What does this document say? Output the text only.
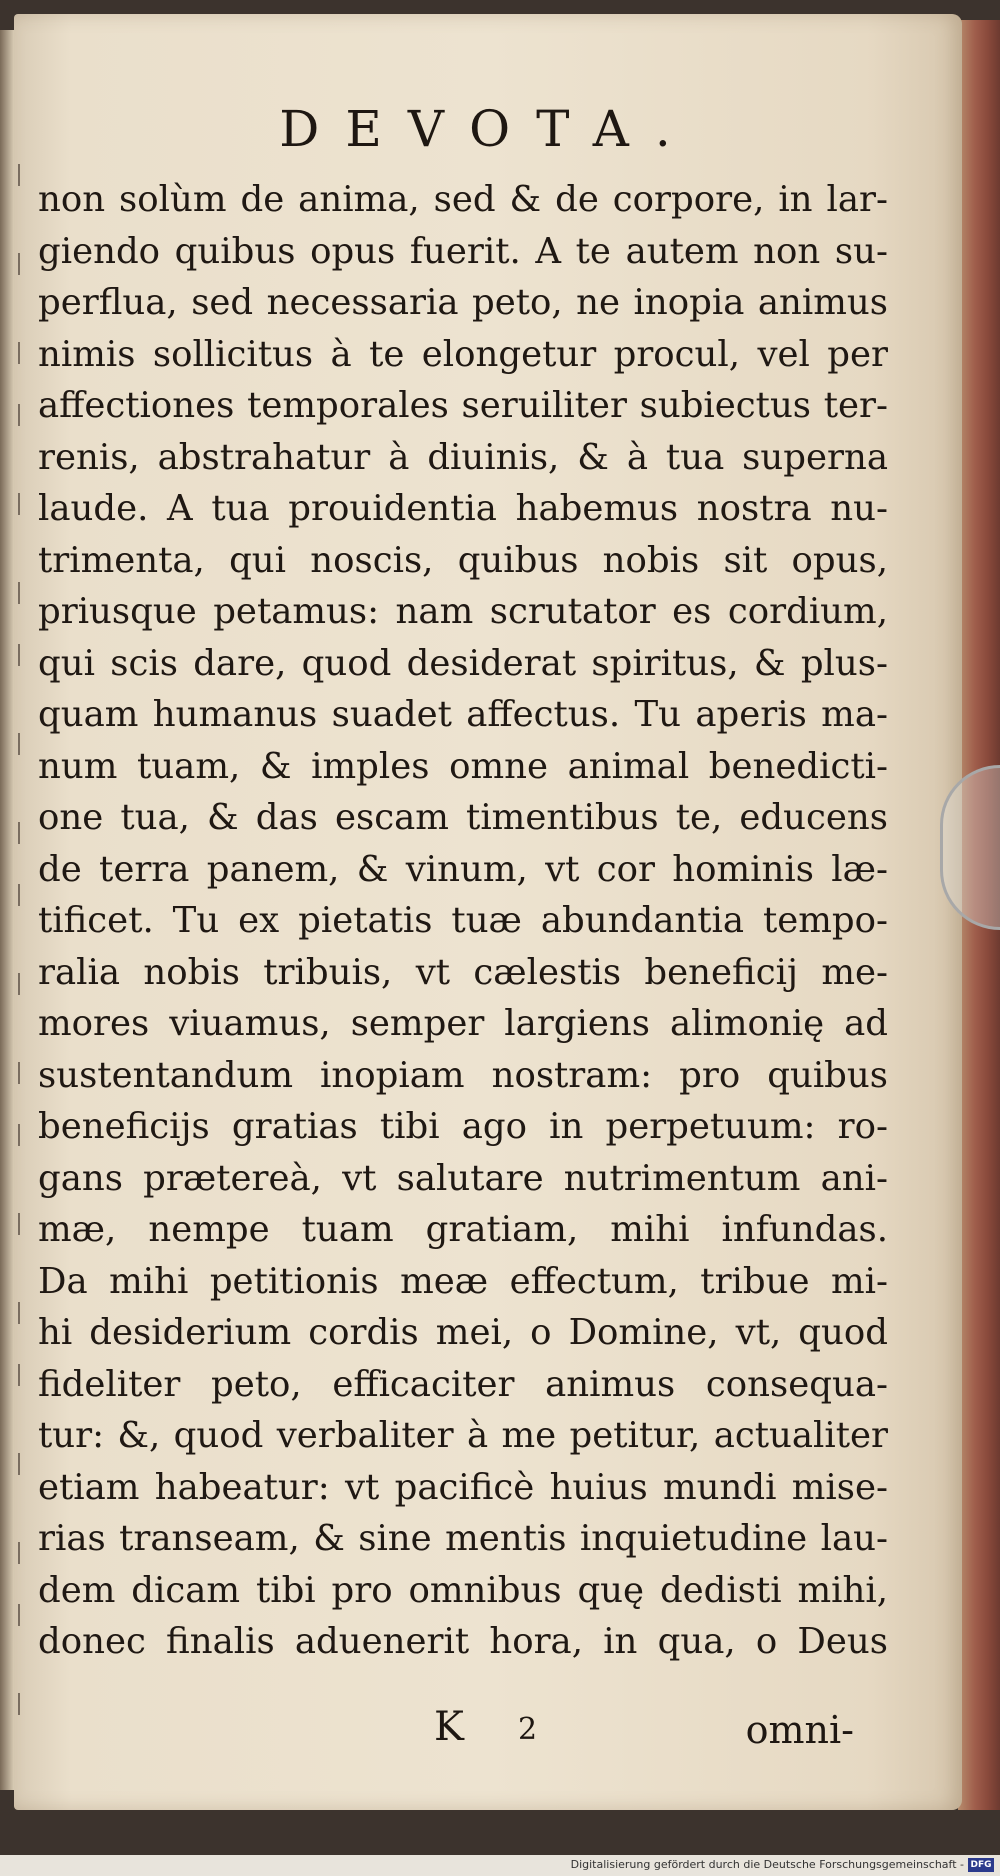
DEVOTA.
non solùm de anima, sed & de corpore, in lar-
giendo quibus opus fuerit. A te autem non su-
perflua, sed necessaria peto, ne inopia animus
nimis sollicitus à te elongetur procul, vel per
affectiones temporales seruiliter subiectus ter-
renis, abstrahatur à diuinis, & à tua superna
laude. A tua prouidentia habemus nostra nu-
trimenta, qui noscis, quibus nobis sit opus,
priusque petamus: nam scrutator es cordium,
qui scis dare, quod desiderat spiritus, & plus-
quam humanus suadet affectus. Tu aperis ma-
num tuam, & imples omne animal benedicti-
one tua, & das escam timentibus te, educens
de terra panem, & vinum, vt cor hominis læ-
tificet. Tu ex pietatis tuæ abundantia tempo-
ralia nobis tribuis, vt cælestis beneficij me-
mores viuamus, semper largiens alimonię ad
sustentandum inopiam nostram: pro quibus
beneficijs gratias tibi ago in perpetuum: ro-
gans prætereà, vt salutare nutrimentum ani-
mæ, nempe tuam gratiam, mihi infundas.
Da mihi petitionis meæ effectum, tribue mi-
hi desiderium cordis mei, o Domine, vt, quod
fideliter peto, efficaciter animus consequa-
tur: &, quod verbaliter à me petitur, actualiter
etiam habeatur: vt pacificè huius mundi mise-
rias transeam, & sine mentis inquietudine lau-
dem dicam tibi pro omnibus quę dedisti mihi,
donec finalis aduenerit hora, in qua, o Deus
K 2	omni-
Digitalisierung gefördert durch die Deutsche Forschungsgemeinschaft - DFG
